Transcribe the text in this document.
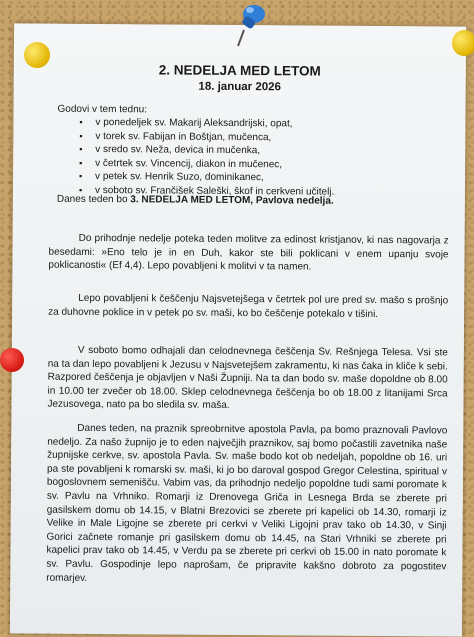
2. NEDELJA MED LETOM
18. januar 2026
Godovi v tem tednu:
▪ v ponedeljek sv. Makarij Aleksandrijski, opat,
▪ v torek sv. Fabijan in Boštjan, mučenca,
▪ v sredo sv. Neža, devica in mučenka,
▪ v četrtek sv. Vincencij, diakon in mučenec,
▪ v petek sv. Henrik Suzo, dominikanec,
▪ v soboto sv. Frančišek Saleški, škof in cerkveni učitelj.
Danes teden bo 3. NEDELJA MED LETOM, Pavlova nedelja.
Do prihodnje nedelje poteka teden molitve za edinost kristjanov, ki nas nagovarja z besedami: »Eno telo je in en Duh, kakor ste bili poklicani v enem upanju svoje poklicanosti« (Ef 4,4). Lepo povabljeni k molitvi v ta namen.
Lepo povabljeni k češčenju Najsvetejšega v četrtek pol ure pred sv. mašo s prošnjo za duhovne poklice in v petek po sv. maši, ko bo češčenje potekalo v tišini.
V soboto bomo odhajali dan celodnevnega češčenja Sv. Rešnjega Telesa. Vsi ste na ta dan lepo povabljeni k Jezusu v Najsvetejšem zakramentu, ki nas čaka in kliče k sebi. Razpored češčenja je objavljen v Naši Župniji. Na ta dan bodo sv. maše dopoldne ob 8.00 in 10.00 ter zvečer ob 18.00. Sklep celodnevnega češčenja bo ob 18.00 z litanijami Srca Jezusovega, nato pa bo sledila sv. maša.
Danes teden, na praznik spreobrnitve apostola Pavla, pa bomo praznovali Pavlovo nedeljo. Za našo župnijo je to eden največjih praznikov, saj bomo počastili zavetnika naše župnijske cerkve, sv. apostola Pavla. Sv. maše bodo kot ob nedeljah, popoldne ob 16. uri pa ste povabljeni k romarski sv. maši, ki jo bo daroval gospod Gregor Celestina, spiritual v bogoslovnem semenišču. Vabim vas, da prihodnjo nedeljo popoldne tudi sami poromate k sv. Pavlu na Vrhniko. Romarji iz Drenovega Griča in Lesnega Brda se zberete pri gasilskem domu ob 14.15, v Blatni Brezovici se zberete pri kapelici ob 14.30, romarji iz Velike in Male Ligojne se zberete pri cerkvi v Veliki Ligojni prav tako ob 14.30, v Sinji Gorici začnete romanje pri gasilskem domu ob 14.45, na Stari Vrhniki se zberete pri kapelici prav tako ob 14.45, v Verdu pa se zberete pri cerkvi ob 15.00 in nato poromate k sv. Pavlu. Gospodinje lepo naprošam, če pripravite kakšno dobroto za pogostitev romarjev.
